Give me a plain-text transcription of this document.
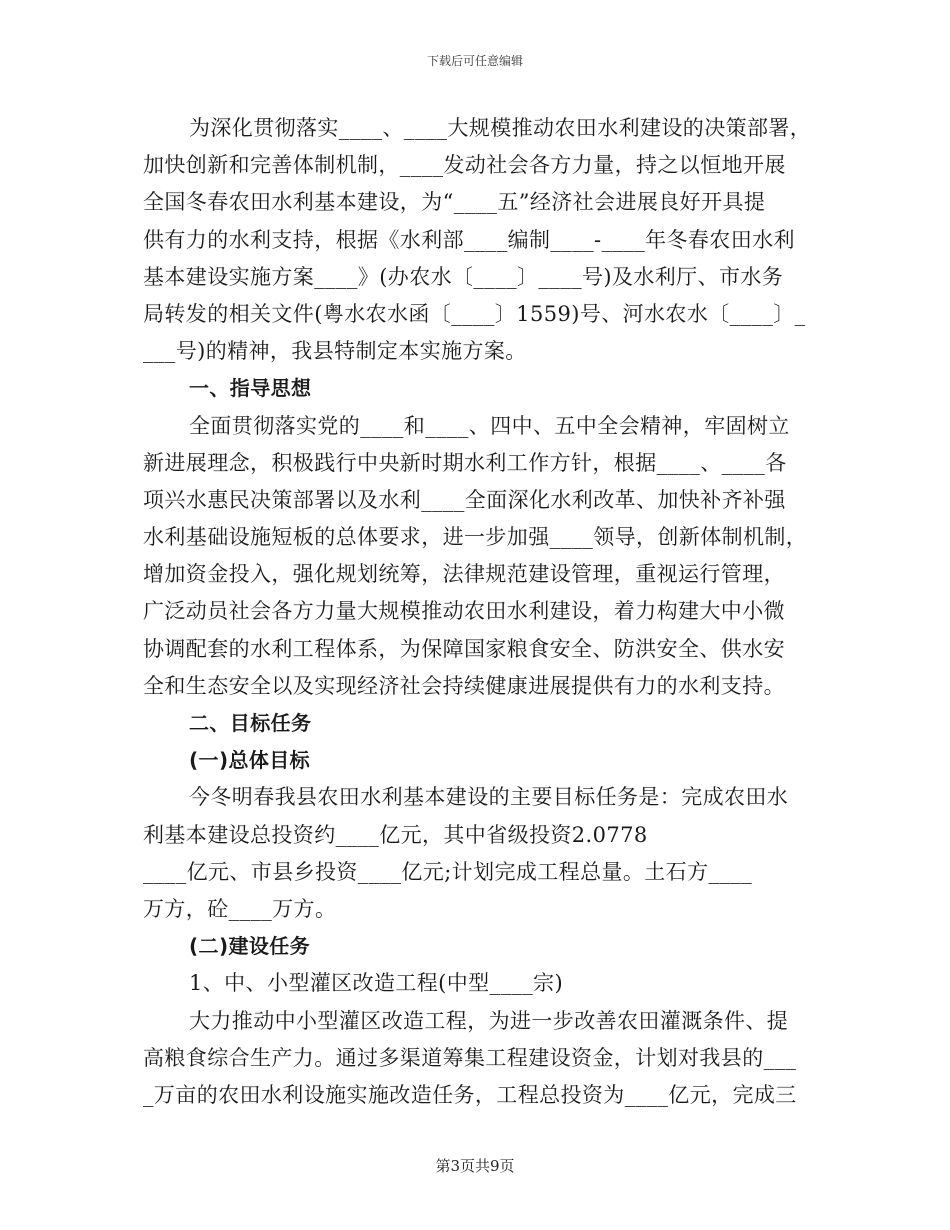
下载后可任意编辑
为深化贯彻落实____、____大规模推动农田水利建设的决策部署，
加快创新和完善体制机制，____发动社会各方力量，持之以恒地开展
全国冬春农田水利基本建设，为“____五”经济社会进展良好开具提
供有力的水利支持，根据《水利部____编制____-____年冬春农田水利
基本建设实施方案____》(办农水〔____〕____号)及水利厅、市水务
局转发的相关文件(粤水农水函〔____〕1559)号、河水农水〔____〕_
___号)的精神，我县特制定本实施方案。
一、指导思想
全面贯彻落实党的____和____、四中、五中全会精神，牢固树立
新进展理念，积极践行中央新时期水利工作方针，根据____、____各
项兴水惠民决策部署以及水利____全面深化水利改革、加快补齐补强
水利基础设施短板的总体要求，进一步加强____领导，创新体制机制，
增加资金投入，强化规划统筹，法律规范建设管理，重视运行管理，
广泛动员社会各方力量大规模推动农田水利建设，着力构建大中小微
协调配套的水利工程体系，为保障国家粮食安全、防洪安全、供水安
全和生态安全以及实现经济社会持续健康进展提供有力的水利支持。
二、目标任务
(一)总体目标
今冬明春我县农田水利基本建设的主要目标任务是：完成农田水
利基本建设总投资约____亿元，其中省级投资2.0778
____亿元、市县乡投资____亿元;计划完成工程总量。土石方____
万方，砼____万方。
(二)建设任务
1、中、小型灌区改造工程(中型____宗)
大力推动中小型灌区改造工程，为进一步改善农田灌溉条件、提
高粮食综合生产力。通过多渠道筹集工程建设资金，计划对我县的___
_万亩的农田水利设施实施改造任务，工程总投资为____亿元，完成三
第3页共9页
